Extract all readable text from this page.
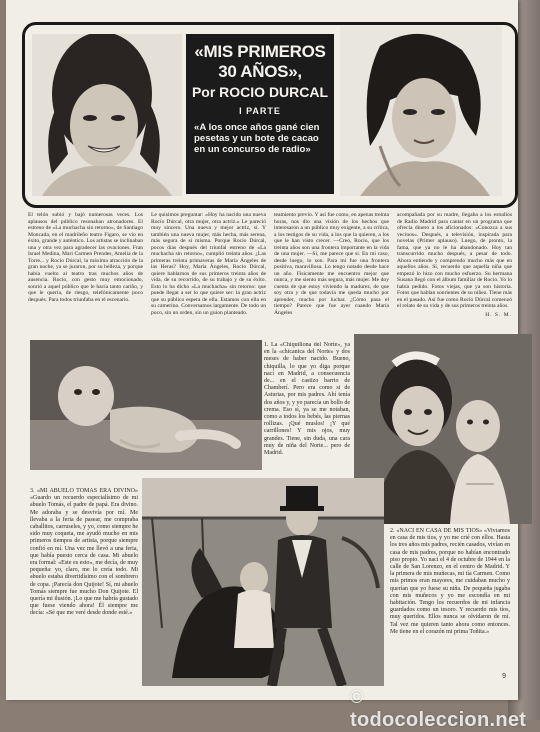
«MIS PRIMEROS 30 AÑOS»,
Por ROCIO DURCAL
I PARTE
«A los once años gané cien pesetas y un bote de cacao en un concurso de radio»
El telón subió y bajó numerosas veces. Los aplausos del público resonaban atronadores. El estreno de «La muchacha sin retorno», de Santiago Moncada, en el madrileño teatro Figaro, se vio en éxito, grande y auténtico. Los artistas se inclinaban una y otra vez para agradecer las ovaciones. Fran Israel Medina, Mari Carmen Prendes, Amelia de la Torre... y Rocío Dúrcal, la máxima atracción de la gran noche, ya se juraron, por su belleza, y porque había vuelto al teatro tras muchos años de ausencia. Rocío, con gesto muy emocionado, sonrió a aquel público que le hacía tanto cariño, y que le quería, de riesgo, telefónicamente poco después. Para todos triunfaba en el escenario.
Le quisimos preguntar: «Hoy ha nacido una nueva Rocío Dúrcal, otra mujer, otra actriz.» Le pareció muy sincero. Una nueva y mejor actriz, sí. Y también una nueva mujer, más hecha, más serena, más segura de sí misma. Porque Rocío Dúrcal, pocos días después del triunfal estreno de «La muchacha sin retorno», cumplió treinta años. ¿Las primeras treinta primaveras de María Ángeles de las Heras? Hoy, María Ángeles, Rocío Dúrcal, quiere hablarnos de sus primeros treinta años de vida, de su recorrido, de su trabajo y de su éxito. Esto lo ha dicho «La muchacha» sin retorno: que puede llegar a ser lo que quiere ser: la gran actriz que su público espera de ella. Estamos con ella en su camerino. Conversamos largamente. De todo un poco, sin un orden, sin un guion planteado.
teamiento previo. Y así fue como, en apenas treinta horas, nos dio una visión de los hechos que interesaron a un público muy exigente, a su crítica, a los testigos de su vida, a los que la quieren, a los que le han visto crecer. —Creo, Rocío, que los treinta años son una frontera importante en la vida de una mujer. —Sí, me parece que sí. En mi caso, desde luego, lo son. Para mí fue una frontera positiva, maravillosa. Lo tengo notado desde hace un año. Físicamente me encuentro mejor que nunca, y me siento más segura, más mujer. Me doy cuenta de que estoy viviendo la madurez, de que soy otra y de que todavía me queda mucho por aprender, mucho por luchar. ¿Cómo pasa el tiempo? Parece que fue ayer cuando María Ángeles
acompañada por su madre, llegaba a los estudios de Radio Madrid para cantar en un programa que ofrecía dinero a los aficionados: «Conozca a sus vecinos». Después, a televisión, inspirada para novelas (Primer aplauso). Luego, de pronto, la fama, que ya no le ha abandonado. Hoy tan transcurrido mucho después, a pesar de todo. Ahora entiendo y comprendo mucho más que en aquellos años. Sí, recuerdo que aquella niña que empezó lo hizo con mucho esfuerzo. Su hermana Susana llegó con el álbum familiar de Rocío. Yo lo había pedido. Fotos viejas, que ya son historia. Fotos que hablan sonrientes de su niñez. Tiene más en el pasado. Así fue como Rocío Dúrcal comenzó el relato de su vida y de sus primeros treinta años.
H. S. M.
1. La «Chiquillona del Norte», ya en la «chicanica del Norte» y dos meses de haber nacido. Bueno, chiquilla, lo que yo diga porque nací en Madrid, a consecuencia de... en el castizo barrio de Chamberí. Pero era como si de Asturias, por mis padres. Ahí tenía dos años y, y yo parecía un bollo de crema. Eso sí, ya se me notaban, como a todos los bebés, las piernas rollizas. ¡Qué muslos! ¡Y qué carrillones! Y mis ojos, muy grandes. Tiene, sin duda, una cara muy de niña del Norte... pero de Madrid.
3. «MI ABUELO TOMÁS ERA DIVINO» «Guardo un recuerdo especialísimo de mi abuelo Tomás, el padre de papá. Era divino. Me adoraba y se desvivía por mí. Me llevaba a la feria de pasear, me compraba caballitos, carruseles, y yo, como siempre he sido muy coqueta, me ayudó mucho en mis primeros tiempos de artista, porque siempre confió en mí. Una vez me llevó a una feria, que había puesto cerca de casa. Mi abuelo era formal: «Este es esto», me decía, de muy pequeña: yo, claro, me lo creía todo. Mi abuelo estaba divertidísimo con el sombrero de copa. ¡Parecía don Quijote! Sí, mi abuelo Tomás siempre fue mucho Don Quijote. El quería mi ilusión. ¡Lo que me habría gustado que fuese viendo ahora! Él siempre me decía: «Sé que me veré desde donde esté.»
2. «NACÍ EN CASA DE MIS TÍOS» «Vivíamos en casa de mis tíos, y yo me crié con ellos. Hasta los tres años mis padres, recién casados, vivían en casa de mis padres, porque no habían encontrado piso propio. Yo nací el 4 de octubre de 1944 en la calle de San Lorenzo, en el centro de Madrid. Y la primera de mis muñecas, mi tía Carmen. Como mis primos eran mayores, me cuidaban mucho y querían que yo fuese su niña. De pequeña jugaba con mis muñecos y yo me escondía en mi habitación. Tengo los recuerdos de mi infancia guardados como un tesoro. Y recuerdo mis tíos, muy queridos. Ellos nunca se olvidaron de mí. Tal vez me quieren tanto ahora como entonces. Me tiene en el corazón mi prima Toñita.»
9
© todocoleccion.net
